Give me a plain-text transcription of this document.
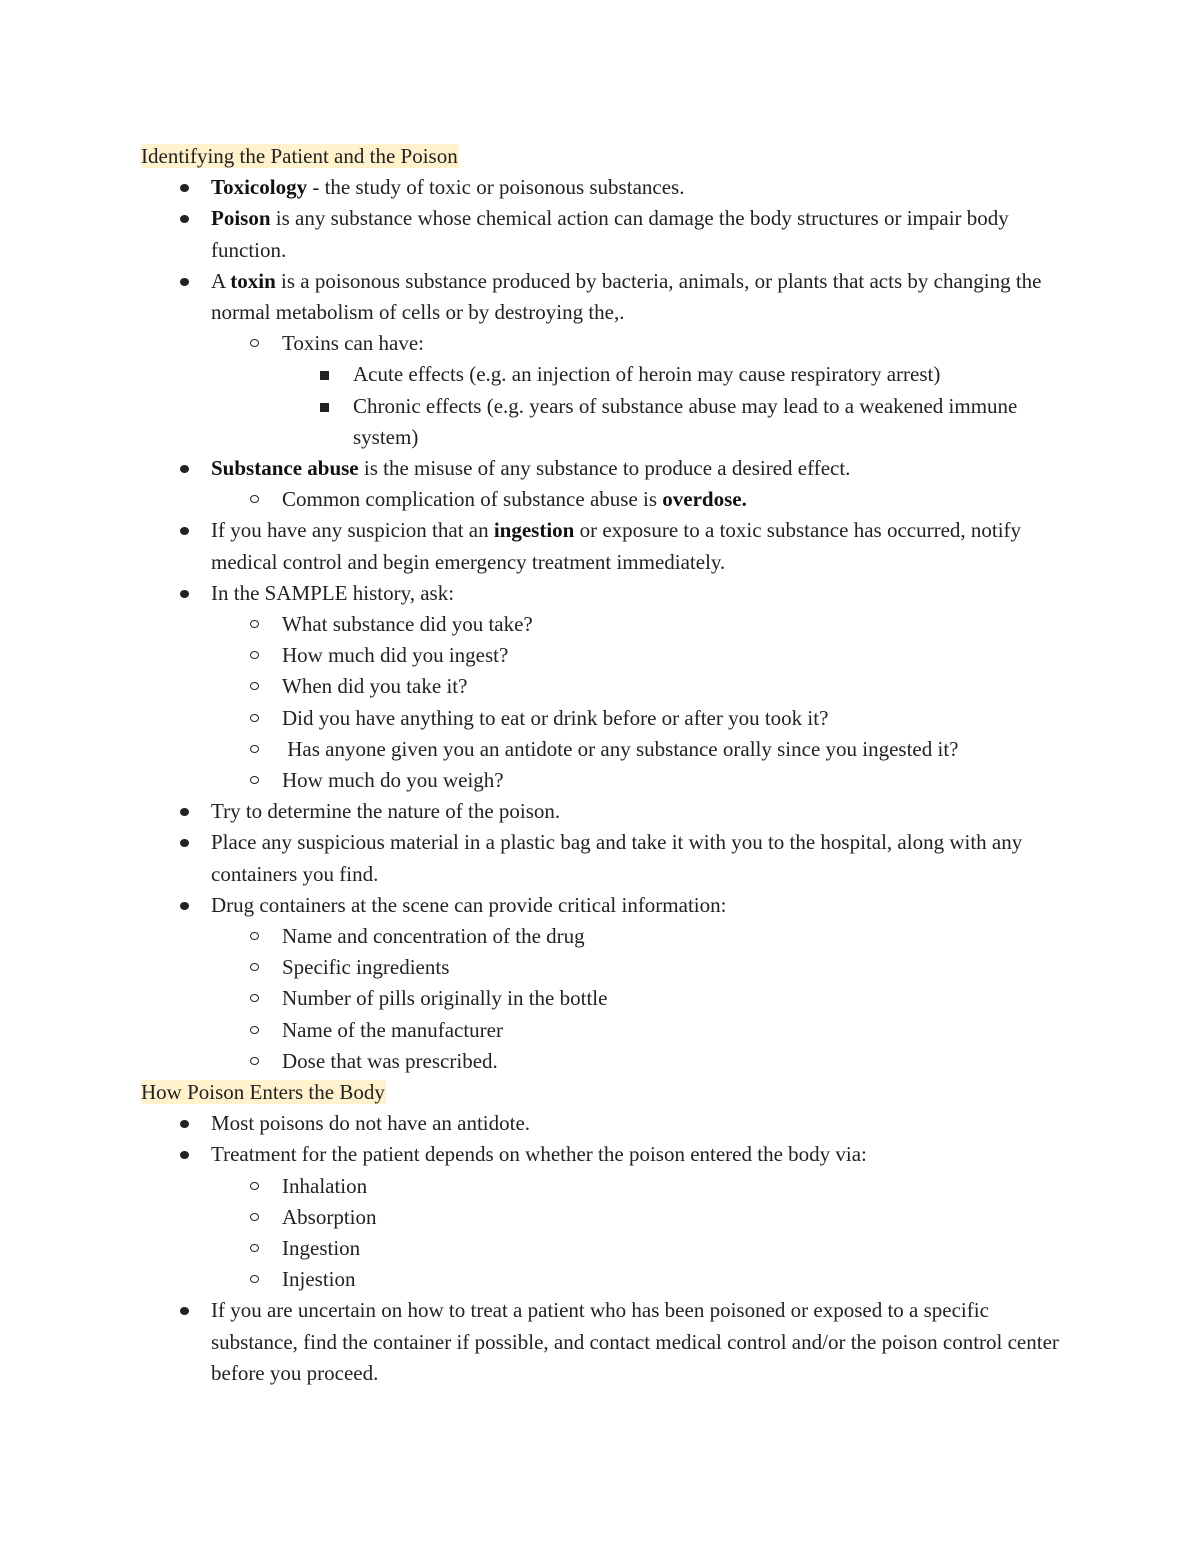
Identifying the Patient and the Poison
Toxicology - the study of toxic or poisonous substances.
Poison is any substance whose chemical action can damage the body structures or impair body function.
A toxin is a poisonous substance produced by bacteria, animals, or plants that acts by changing the normal metabolism of cells or by destroying the,.
Toxins can have:
Acute effects (e.g. an injection of heroin may cause respiratory arrest)
Chronic effects (e.g. years of substance abuse may lead to a weakened immune system)
Substance abuse is the misuse of any substance to produce a desired effect.
Common complication of substance abuse is overdose.
If you have any suspicion that an ingestion or exposure to a toxic substance has occurred, notify medical control and begin emergency treatment immediately.
In the SAMPLE history, ask:
What substance did you take?
How much did you ingest?
When did you take it?
Did you have anything to eat or drink before or after you took it?
Has anyone given you an antidote or any substance orally since you ingested it?
How much do you weigh?
Try to determine the nature of the poison.
Place any suspicious material in a plastic bag and take it with you to the hospital, along with any containers you find.
Drug containers at the scene can provide critical information:
Name and concentration of the drug
Specific ingredients
Number of pills originally in the bottle
Name of the manufacturer
Dose that was prescribed.
How Poison Enters the Body
Most poisons do not have an antidote.
Treatment for the patient depends on whether the poison entered the body via:
Inhalation
Absorption
Ingestion
Injestion
If you are uncertain on how to treat a patient who has been poisoned or exposed to a specific substance, find the container if possible, and contact medical control and/or the poison control center before you proceed.
